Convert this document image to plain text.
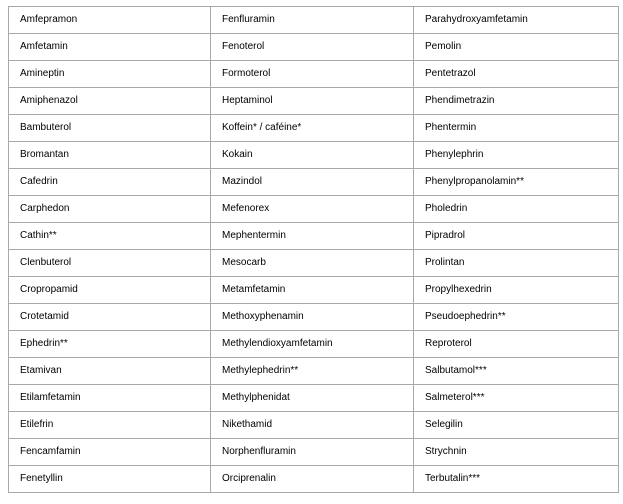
Amfepramon	Fenfluramin	Parahydroxyamfetamin
Amfetamin	Fenoterol	Pemolin
Amineptin	Formoterol	Pentetrazol
Amiphenazol	Heptaminol	Phendimetrazin
Bambuterol	Koffein* / caféine*	Phentermin
Bromantan	Kokain	Phenylephrin
Cafedrin	Mazindol	Phenylpropanolamin**
Carphedon	Mefenorex	Pholedrin
Cathin**	Mephentermin	Pipradrol
Clenbuterol	Mesocarb	Prolintan
Cropropamid	Metamfetamin	Propylhexedrin
Crotetamid	Methoxyphenamin	Pseudoephedrin**
Ephedrin**	Methylendioxyamfetamin	Reproterol
Etamivan	Methylephedrin**	Salbutamol***
Etilamfetamin	Methylphenidat	Salmeterol***
Etilefrin	Nikethamid	Selegilin
Fencamfamin	Norphenfluramin	Strychnin
Fenetyllin	Orciprenalin	Terbutalin***
